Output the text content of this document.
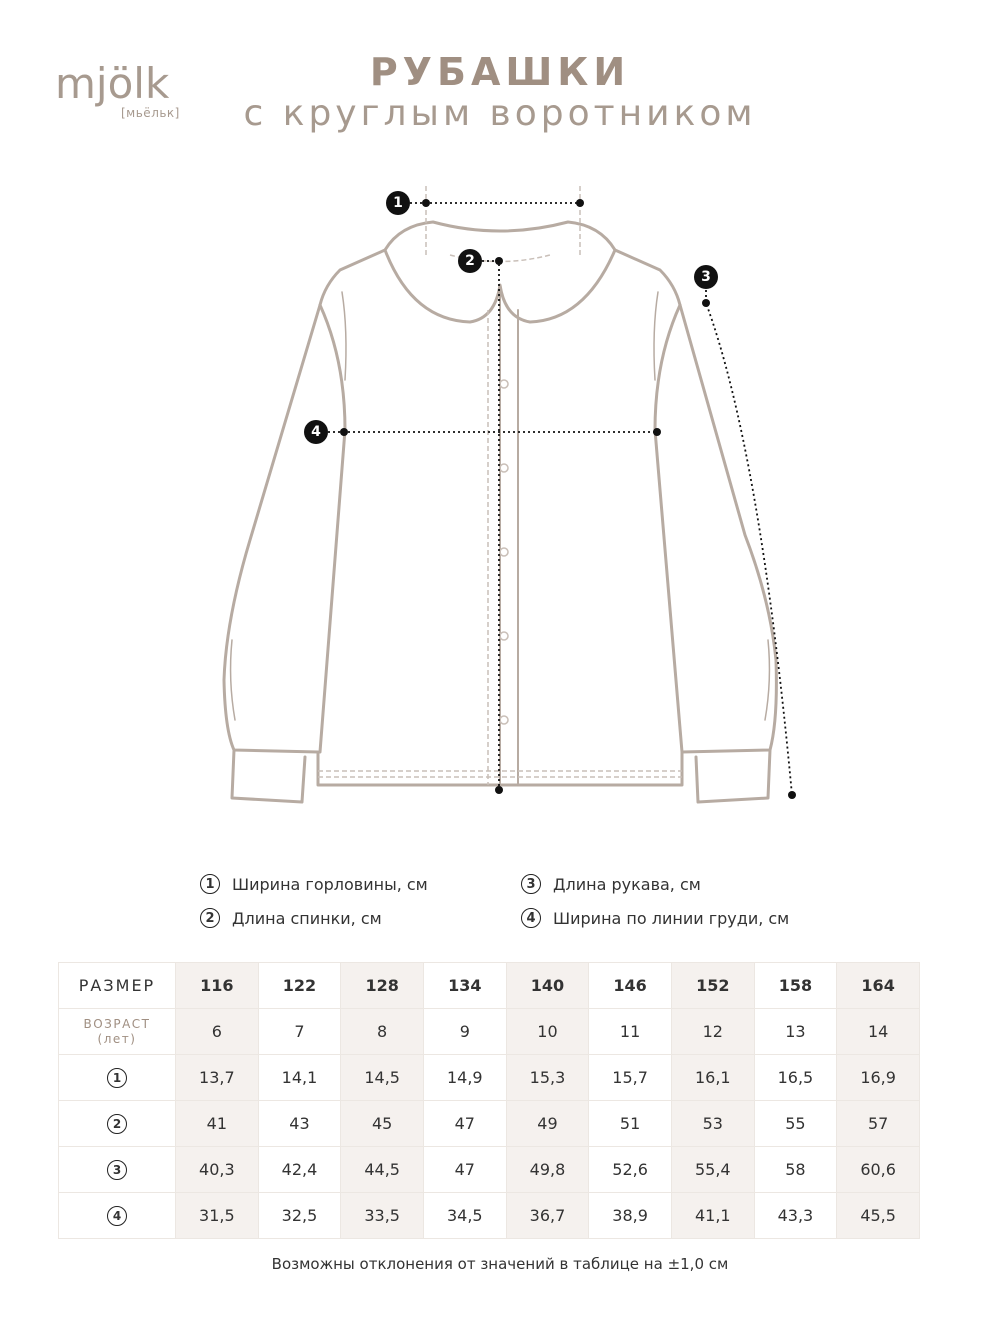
mjölk
[мьёльк]
РУБАШКИ
с круглым воротником
1
2
3
4
1	Ширина горловины, см
2	Длина спинки, см
3	Длина рукава, см
4	Ширина по линии груди, см
РАЗМЕР	116	122	128	134	140	146	152	158	164

ВОЗРАСТ
(лет)	6	7	8	9	10	11	12	13	14
1	13,7	14,1	14,5	14,9	15,3	15,7	16,1	16,5	16,9
2	41	43	45	47	49	51	53	55	57
3	40,3	42,4	44,5	47	49,8	52,6	55,4	58	60,6
4	31,5	32,5	33,5	34,5	36,7	38,9	41,1	43,3	45,5
Возможны отклонения от значений в таблице на ±1,0 см
